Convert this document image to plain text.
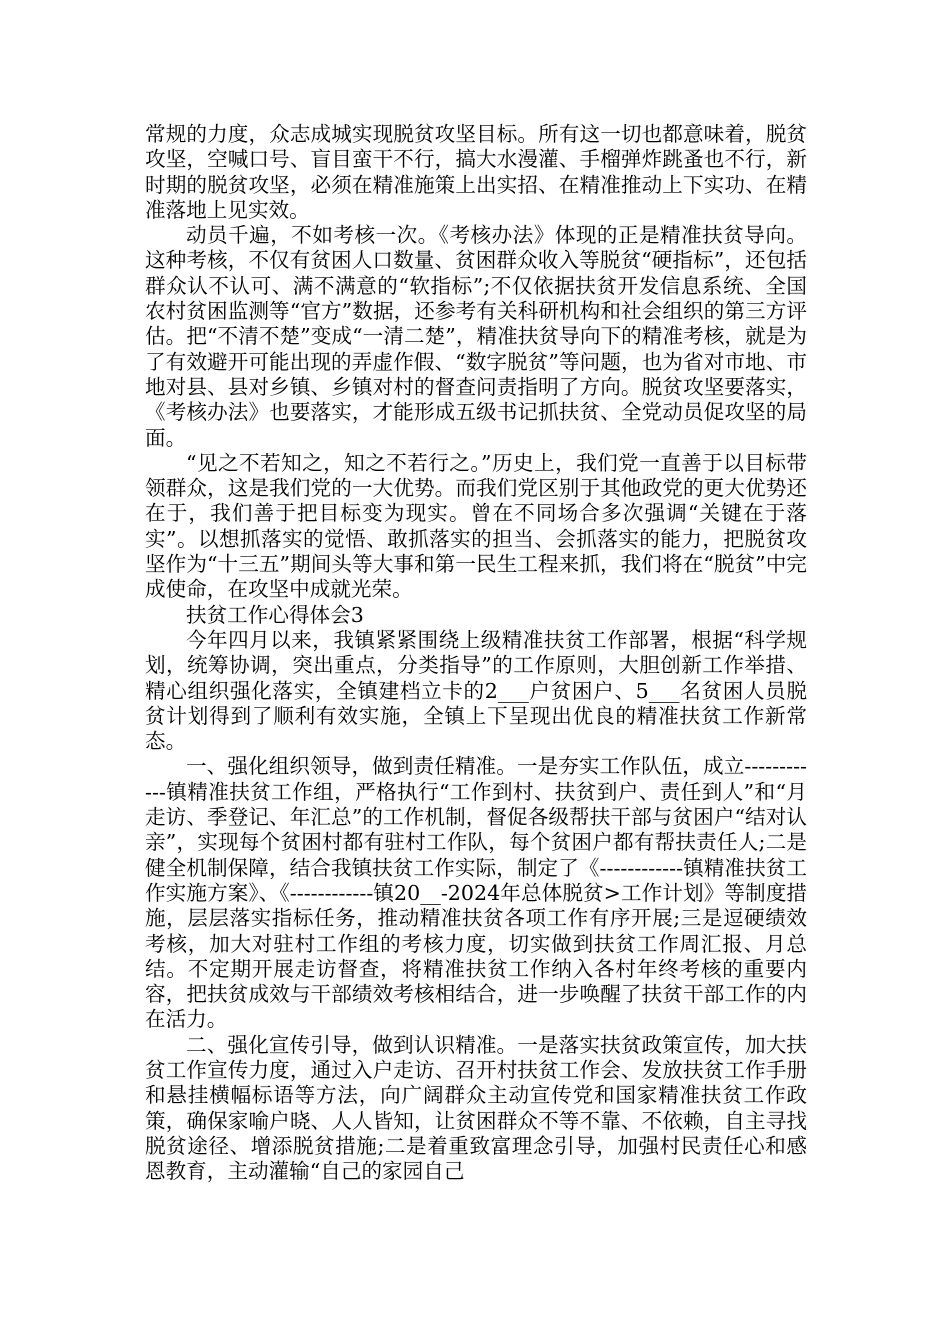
常规的力度，众志成城实现脱贫攻坚目标。所有这一切也都意味着，脱贫攻坚，空喊口号、盲目蛮干不行，搞大水漫灌、手榴弹炸跳蚤也不行，新时期的脱贫攻坚，必须在精准施策上出实招、在精准推动上下实功、在精准落地上见实效。

动员千遍，不如考核一次。《考核办法》体现的正是精准扶贫导向。这种考核，不仅有贫困人口数量、贫困群众收入等脱贫“硬指标”，还包括群众认不认可、满不满意的“软指标”;不仅依据扶贫开发信息系统、全国农村贫困监测等“官方”数据，还参考有关科研机构和社会组织的第三方评估。把“不清不楚”变成“一清二楚”，精准扶贫导向下的精准考核，就是为了有效避开可能出现的弄虚作假、“数字脱贫”等问题，也为省对市地、市地对县、县对乡镇、乡镇对村的督查问责指明了方向。脱贫攻坚要落实，《考核办法》也要落实，才能形成五级书记抓扶贫、全党动员促攻坚的局面。

“见之不若知之，知之不若行之。”历史上，我们党一直善于以目标带领群众，这是我们党的一大优势。而我们党区别于其他政党的更大优势还在于，我们善于把目标变为现实。曾在不同场合多次强调“关键在于落实”。以想抓落实的觉悟、敢抓落实的担当、会抓落实的能力，把脱贫攻坚作为“十三五”期间头等大事和第一民生工程来抓，我们将在“脱贫”中完成使命，在攻坚中成就光荣。

扶贫工作心得体会3

今年四月以来，我镇紧紧围绕上级精准扶贫工作部署，根据“科学规划，统筹协调，突出重点，分类指导”的工作原则，大胆创新工作举措、精心组织强化落实，全镇建档立卡的2___户贫困户、5___名贫困人员脱贫计划得到了顺利有效实施，全镇上下呈现出优良的精准扶贫工作新常态。

一、强化组织领导，做到责任精准。一是夯实工作队伍，成立------------镇精准扶贫工作组，严格执行“工作到村、扶贫到户、责任到人”和“月走访、季登记、年汇总”的工作机制，督促各级帮扶干部与贫困户“结对认亲”，实现每个贫困村都有驻村工作队，每个贫困户都有帮扶责任人;二是健全机制保障，结合我镇扶贫工作实际，制定了《------------镇精准扶贫工作实施方案》、《------------镇20__-2024年总体脱贫>工作计划》等制度措施，层层落实指标任务，推动精准扶贫各项工作有序开展;三是逗硬绩效考核，加大对驻村工作组的考核力度，切实做到扶贫工作周汇报、月总结。不定期开展走访督查，将精准扶贫工作纳入各村年终考核的重要内容，把扶贫成效与干部绩效考核相结合，进一步唤醒了扶贫干部工作的内在活力。

二、强化宣传引导，做到认识精准。一是落实扶贫政策宣传，加大扶贫工作宣传力度，通过入户走访、召开村扶贫工作会、发放扶贫工作手册和悬挂横幅标语等方法，向广阔群众主动宣传党和国家精准扶贫工作政策，确保家喻户晓、人人皆知，让贫困群众不等不靠、不依赖，自主寻找脱贫途径、增添脱贫措施;二是着重致富理念引导，加强村民责任心和感恩教育，主动灌输“自己的家园自己
